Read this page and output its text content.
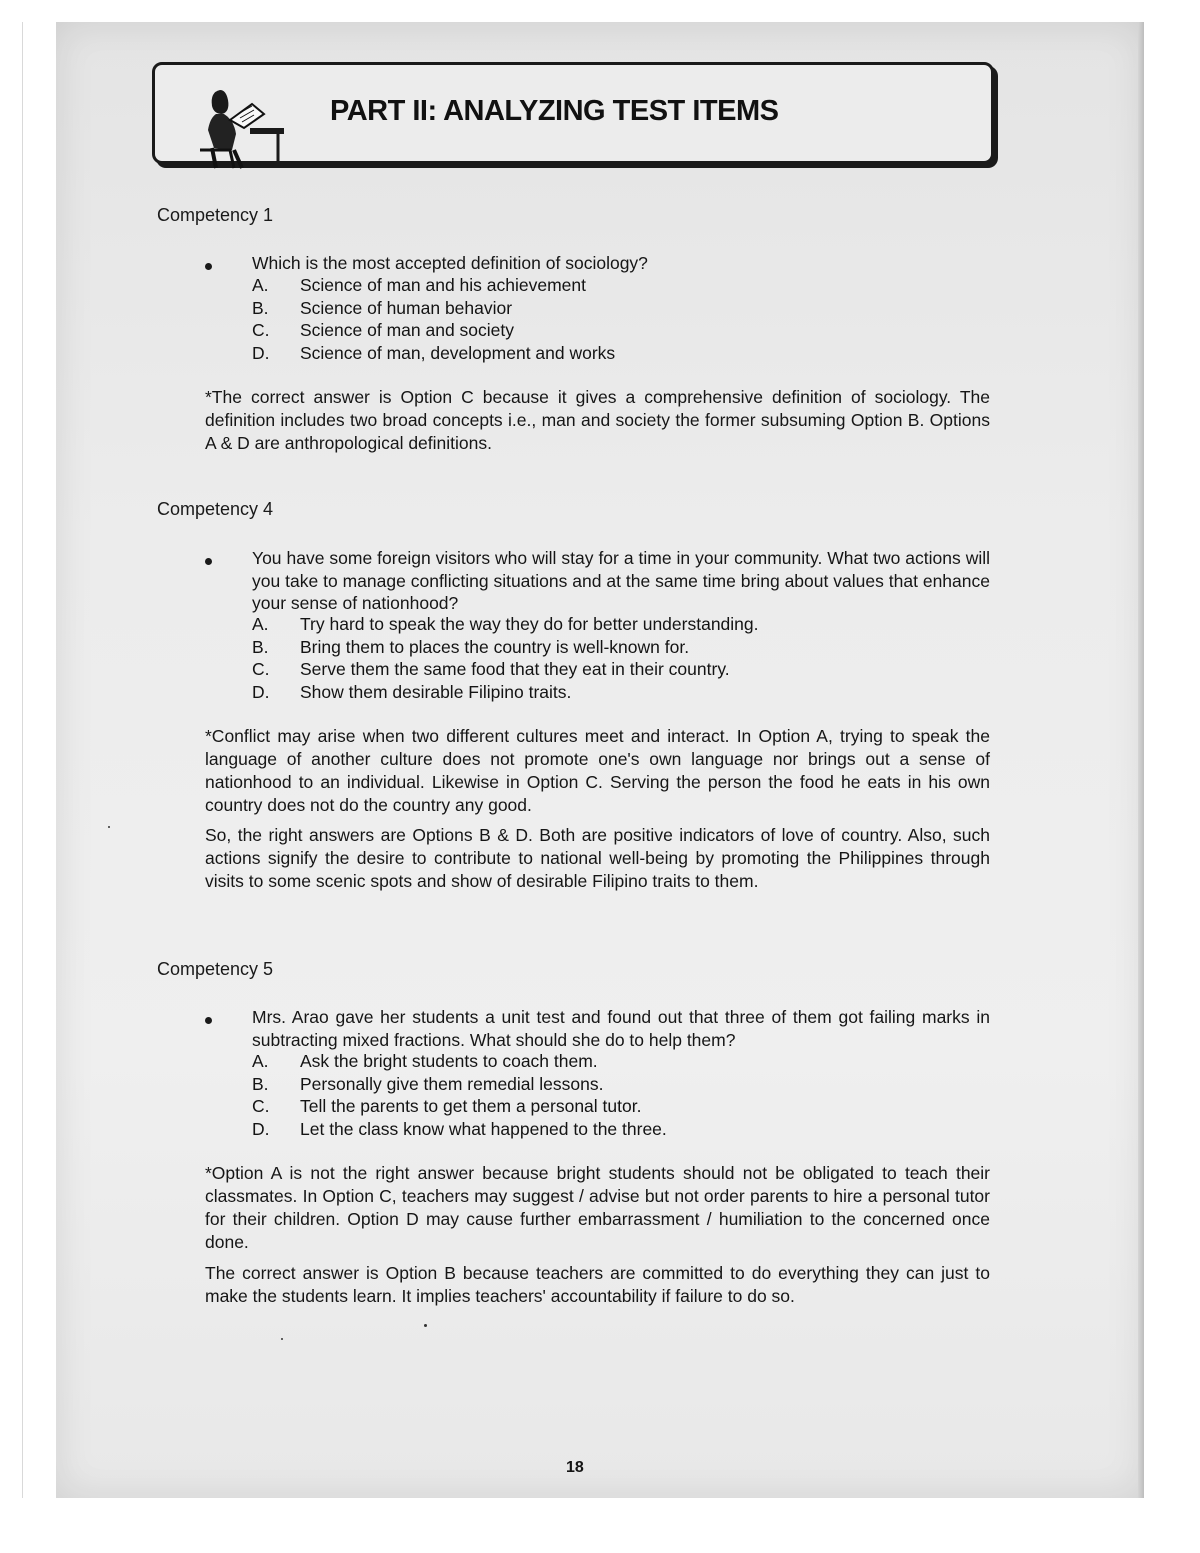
PART II: ANALYZING TEST ITEMS
Competency 1
Which is the most accepted definition of sociology?
A.	Science of man and his achievement
B.	Science of human behavior
C.	Science of man and society
D.	Science of man, development and works
*The correct answer is Option C because it gives a comprehensive definition of sociology. The definition includes two broad concepts i.e., man and society the former subsuming Option B. Options A & D are anthropological definitions.
Competency 4
You have some foreign visitors who will stay for a time in your community. What two actions will you take to manage conflicting situations and at the same time bring about values that enhance your sense of nationhood?
A.	Try hard to speak the way they do for better understanding.
B.	Bring them to places the country is well-known for.
C.	Serve them the same food that they eat in their country.
D.	Show them desirable Filipino traits.
*Conflict may arise when two different cultures meet and interact. In Option A, trying to speak the language of another culture does not promote one's own language nor brings out a sense of nationhood to an individual. Likewise in Option C. Serving the person the food he eats in his own country does not do the country any good.
So, the right answers are Options B & D. Both are positive indicators of love of country. Also, such actions signify the desire to contribute to national well-being by promoting the Philippines through visits to some scenic spots and show of desirable Filipino traits to them.
Competency 5
Mrs. Arao gave her students a unit test and found out that three of them got failing marks in subtracting mixed fractions. What should she do to help them?
A.	Ask the bright students to coach them.
B.	Personally give them remedial lessons.
C.	Tell the parents to get them a personal tutor.
D.	Let the class know what happened to the three.
*Option A is not the right answer because bright students should not be obligated to teach their classmates. In Option C, teachers may suggest / advise but not order parents to hire a personal tutor for their children. Option D may cause further embarrassment / humiliation to the concerned once done.
The correct answer is Option B because teachers are committed to do everything they can just to make the students learn. It implies teachers' accountability if failure to do so.
18
